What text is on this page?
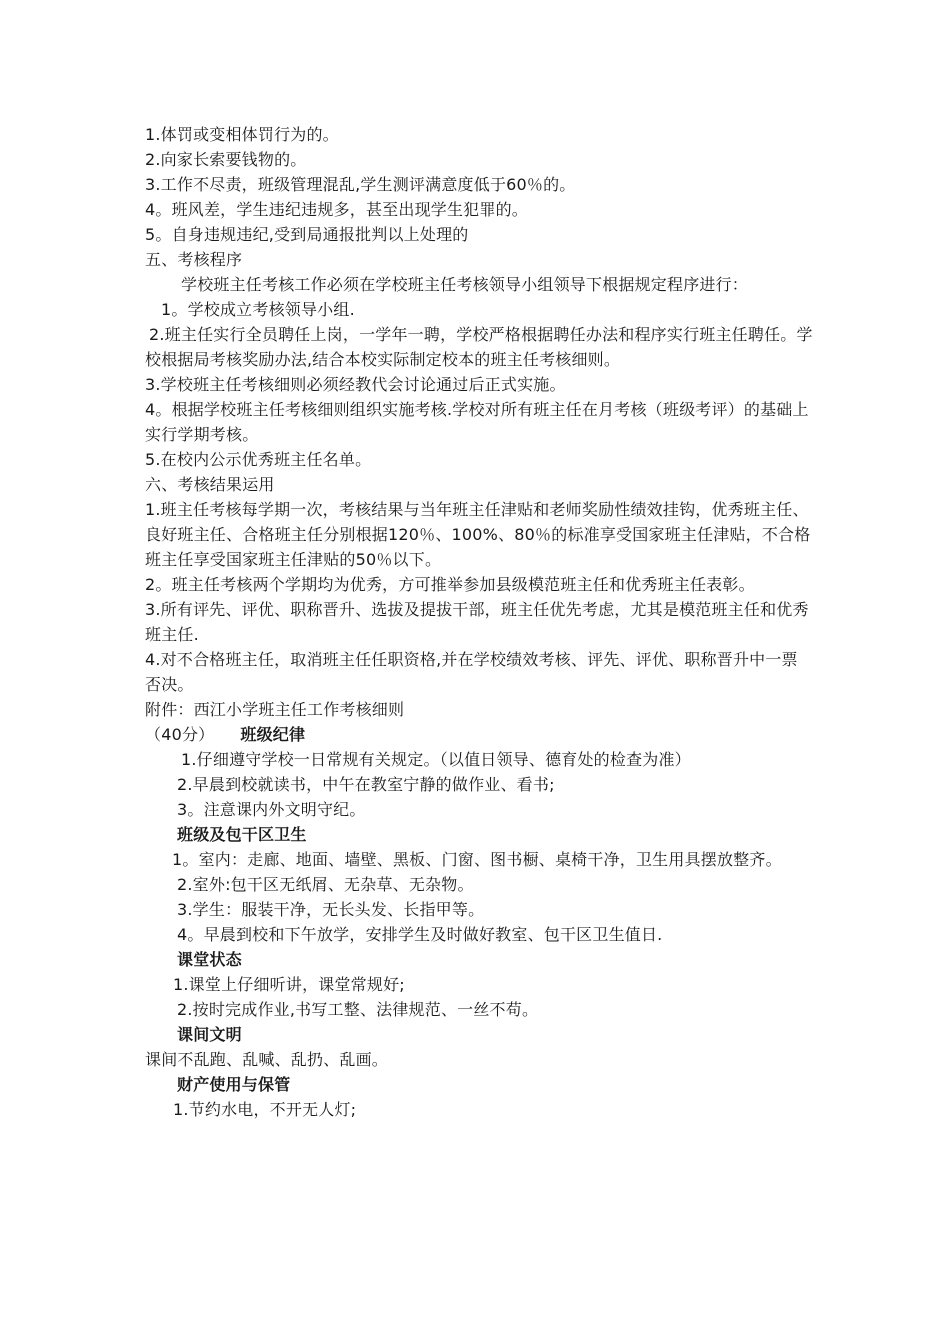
1.体罚或变相体罚行为的。

2.向家长索要钱物的。

3.工作不尽责，班级管理混乱,学生测评满意度低于60％的。

4。班风差，学生违纪违规多，甚至出现学生犯罪的。

5。自身违规违纪,受到局通报批判以上处理的

五、考核程序

学校班主任考核工作必须在学校班主任考核领导小组领导下根据规定程序进行：

1。学校成立考核领导小组.

2.班主任实行全员聘任上岗，一学年一聘，学校严格根据聘任办法和程序实行班主任聘任。学校根据局考核奖励办法,结合本校实际制定校本的班主任考核细则。

3.学校班主任考核细则必须经教代会讨论通过后正式实施。

4。根据学校班主任考核细则组织实施考核.学校对所有班主任在月考核（班级考评）的基础上实行学期考核。

5.在校内公示优秀班主任名单。

六、考核结果运用

1.班主任考核每学期一次，考核结果与当年班主任津贴和老师奖励性绩效挂钩，优秀班主任、良好班主任、合格班主任分别根据120％、100%、80％的标准享受国家班主任津贴，不合格班主任享受国家班主任津贴的50％以下。

2。班主任考核两个学期均为优秀，方可推举参加县级模范班主任和优秀班主任表彰。

3.所有评先、评优、职称晋升、选拔及提拔干部，班主任优先考虑，尤其是模范班主任和优秀班主任.

4.对不合格班主任，取消班主任任职资格,并在学校绩效考核、评先、评优、职称晋升中一票否决。

附件：西江小学班主任工作考核细则

（40分） 班级纪律

1.仔细遵守学校一日常规有关规定。（以值日领导、德育处的检查为准）

2.早晨到校就读书，中午在教室宁静的做作业、看书;

3。注意课内外文明守纪。

班级及包干区卫生

1。室内：走廊、地面、墙壁、黑板、门窗、图书橱、桌椅干净，卫生用具摆放整齐。

2.室外:包干区无纸屑、无杂草、无杂物。

3.学生：服装干净，无长头发、长指甲等。

4。早晨到校和下午放学，安排学生及时做好教室、包干区卫生值日.

课堂状态

1.课堂上仔细听讲，课堂常规好;

2.按时完成作业,书写工整、法律规范、一丝不苟。

课间文明

课间不乱跑、乱喊、乱扔、乱画。

财产使用与保管

1.节约水电，不开无人灯;
